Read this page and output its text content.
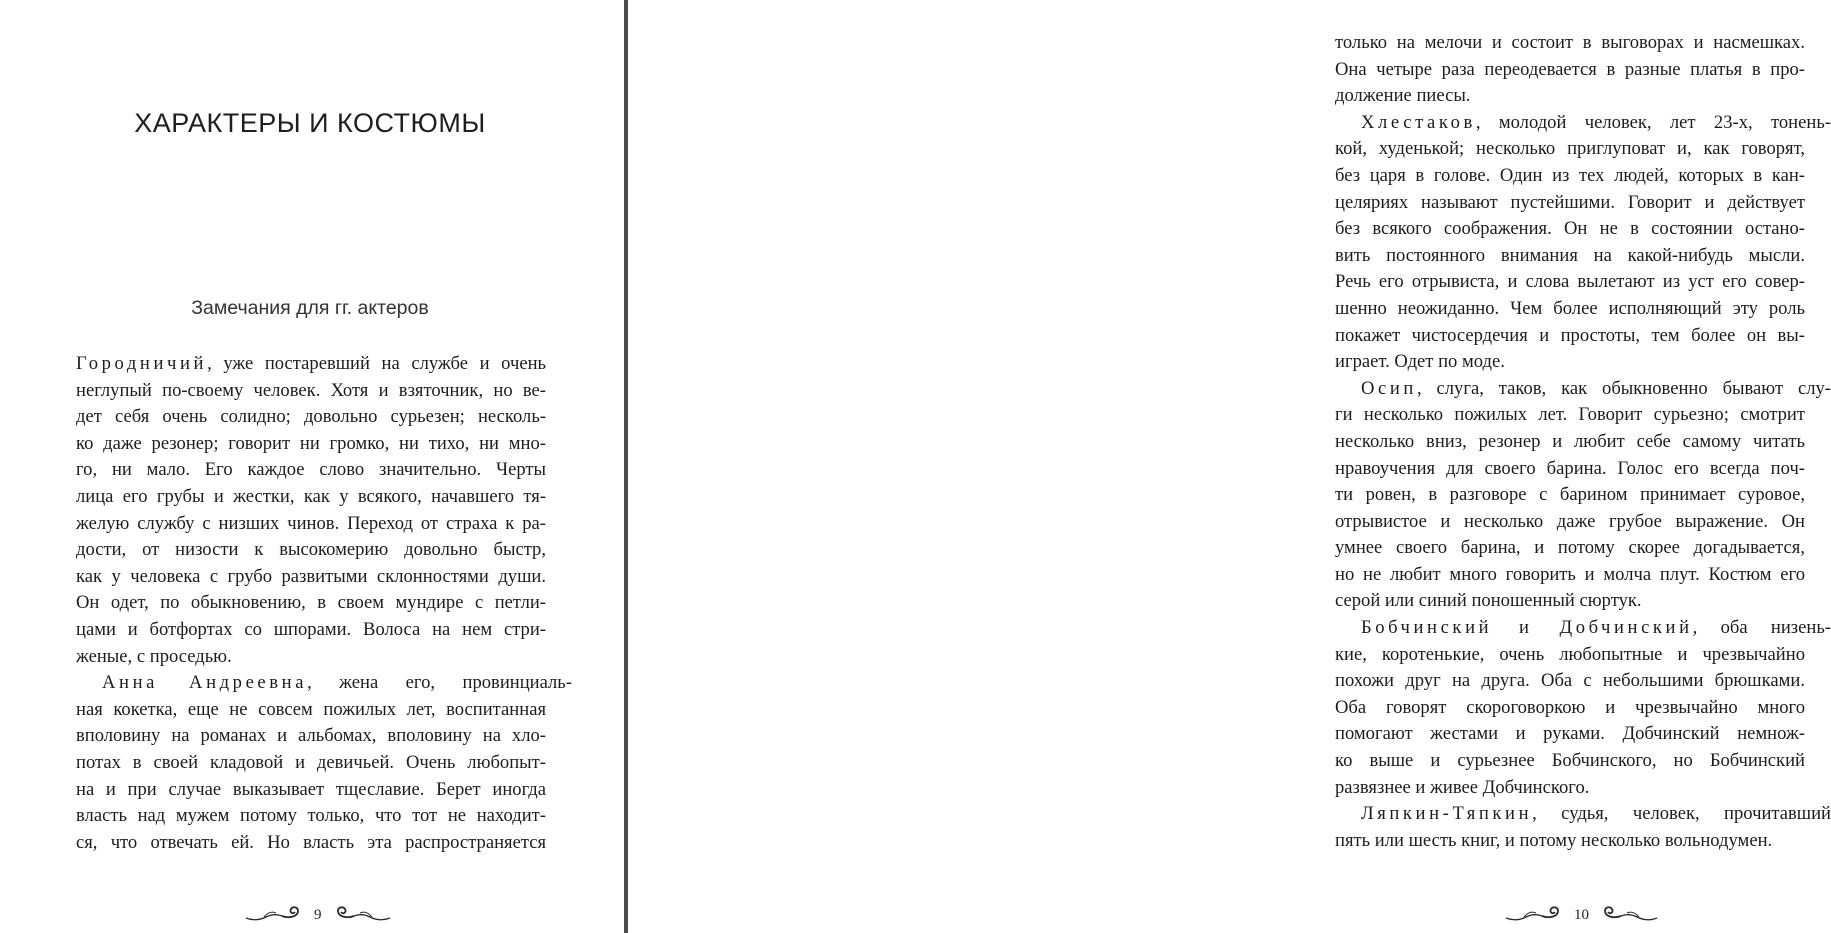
ХАРАКТЕРЫ И КОСТЮМЫ
Замечания для гг. актеров
Городничий, уже постаревший на службе и очень
неглупый по-своему человек. Хотя и взяточник, но ве-
дет себя очень солидно; довольно сурьезен; несколь-
ко даже резонер; говорит ни громко, ни тихо, ни мно-
го, ни мало. Его каждое слово значительно. Черты
лица его грубы и жестки, как у всякого, начавшего тя-
желую службу с низших чинов. Переход от страха к ра-
дости, от низости к высокомерию довольно быстр,
как у человека с грубо развитыми склонностями души.
Он одет, по обыкновению, в своем мундире с петли-
цами и ботфортах со шпорами. Волоса на нем стри-
женые, с проседью.
Анна Андреевна, жена его, провинциаль-
ная кокетка, еще не совсем пожилых лет, воспитанная
вполовину на романах и альбомах, вполовину на хло-
потах в своей кладовой и девичьей. Очень любопыт-
на и при случае выказывает тщеславие. Берет иногда
власть над мужем потому только, что тот не находит-
ся, что отвечать ей. Но власть эта распространяется
9
только на мелочи и состоит в выговорах и насмешках.
Она четыре раза переодевается в разные платья в про-
должение пиесы.
Хлестаков, молодой человек, лет 23-х, тонень-
кой, худенькой; несколько приглуповат и, как говорят,
без царя в голове. Один из тех людей, которых в кан-
целяриях называют пустейшими. Говорит и действует
без всякого соображения. Он не в состоянии остано-
вить постоянного внимания на какой-нибудь мысли.
Речь его отрывиста, и слова вылетают из уст его совер-
шенно неожиданно. Чем более исполняющий эту роль
покажет чистосердечия и простоты, тем более он вы-
играет. Одет по моде.
Осип, слуга, таков, как обыкновенно бывают слу-
ги несколько пожилых лет. Говорит сурьезно; смотрит
несколько вниз, резонер и любит себе самому читать
нравоучения для своего барина. Голос его всегда поч-
ти ровен, в разговоре с барином принимает суровое,
отрывистое и несколько даже грубое выражение. Он
умнее своего барина, и потому скорее догадывается,
но не любит много говорить и молча плут. Костюм его
серой или синий поношенный сюртук.
Бобчинский и Добчинский, оба низень-
кие, коротенькие, очень любопытные и чрезвычайно
похожи друг на друга. Оба с небольшими брюшками.
Оба говорят скороговоркою и чрезвычайно много
помогают жестами и руками. Добчинский немнож-
ко выше и сурьезнее Бобчинского, но Бобчинский
развязнее и живее Добчинского.
Ляпкин-Тяпкин, судья, человек, прочитавший
пять или шесть книг, и потому несколько вольнодумен.
10
